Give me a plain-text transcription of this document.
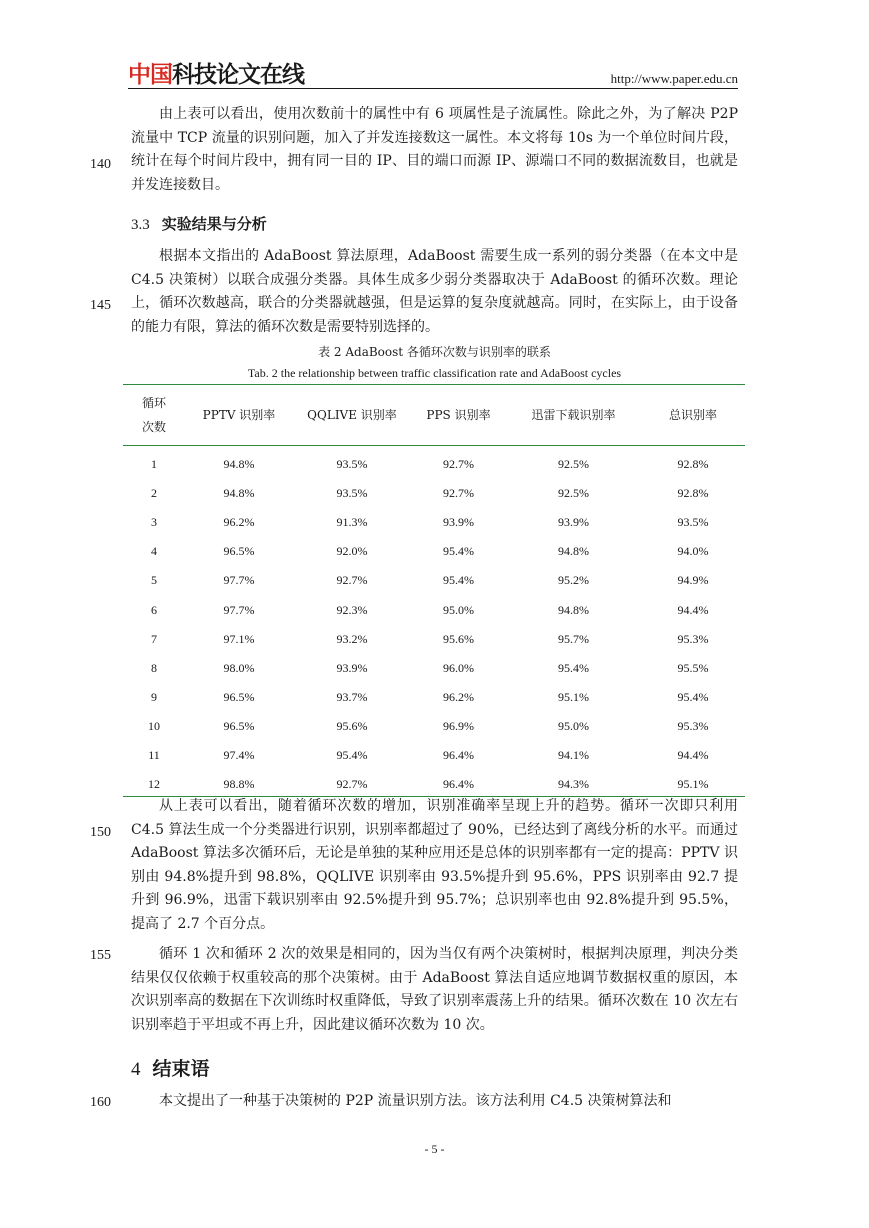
中国科技论文在线	http://www.paper.edu.cn
140
145
150
155
160
由上表可以看出，使用次数前十的属性中有 6 项属性是子流属性。除此之外，为了解决 P2P 流量中 TCP 流量的识别问题，加入了并发连接数这一属性。本文将每 10s 为一个单位时间片段，统计在每个时间片段中，拥有同一目的 IP、目的端口而源 IP、源端口不同的数据流数目，也就是并发连接数目。
3.3 实验结果与分析
根据本文指出的 AdaBoost 算法原理，AdaBoost 需要生成一系列的弱分类器（在本文中是 C4.5 决策树）以联合成强分类器。具体生成多少弱分类器取决于 AdaBoost 的循环次数。理论上，循环次数越高，联合的分类器就越强，但是运算的复杂度就越高。同时，在实际上，由于设备的能力有限，算法的循环次数是需要特别选择的。
表 2 AdaBoost 各循环次数与识别率的联系
Tab. 2 the relationship between traffic classification rate and AdaBoost cycles
循环
次数
PPTV 识别率	QQLIVE 识别率	PPS 识别率	迅雷下载识别率	总识别率
1	94.8%	93.5%	92.7%	92.5%	92.8%
2	94.8%	93.5%	92.7%	92.5%	92.8%
3	96.2%	91.3%	93.9%	93.9%	93.5%
4	96.5%	92.0%	95.4%	94.8%	94.0%
5	97.7%	92.7%	95.4%	95.2%	94.9%
6	97.7%	92.3%	95.0%	94.8%	94.4%
7	97.1%	93.2%	95.6%	95.7%	95.3%
8	98.0%	93.9%	96.0%	95.4%	95.5%
9	96.5%	93.7%	96.2%	95.1%	95.4%
10	96.5%	95.6%	96.9%	95.0%	95.3%
11	97.4%	95.4%	96.4%	94.1%	94.4%
12	98.8%	92.7%	96.4%	94.3%	95.1%
从上表可以看出，随着循环次数的增加，识别准确率呈现上升的趋势。循环一次即只利用 C4.5 算法生成一个分类器进行识别，识别率都超过了 90%，已经达到了离线分析的水平。而通过 AdaBoost 算法多次循环后，无论是单独的某种应用还是总体的识别率都有一定的提高：PPTV 识别由 94.8%提升到 98.8%，QQLIVE 识别率由 93.5%提升到 95.6%，PPS 识别率由 92.7 提升到 96.9%，迅雷下载识别率由 92.5%提升到 95.7%；总识别率也由 92.8%提升到 95.5%，提高了 2.7 个百分点。
循环 1 次和循环 2 次的效果是相同的，因为当仅有两个决策树时，根据判决原理，判决分类结果仅仅依赖于权重较高的那个决策树。由于 AdaBoost 算法自适应地调节数据权重的原因，本次识别率高的数据在下次训练时权重降低，导致了识别率震荡上升的结果。循环次数在 10 次左右识别率趋于平坦或不再上升，因此建议循环次数为 10 次。
4 结束语
本文提出了一种基于决策树的 P2P 流量识别方法。该方法利用 C4.5 决策树算法和
- 5 -
